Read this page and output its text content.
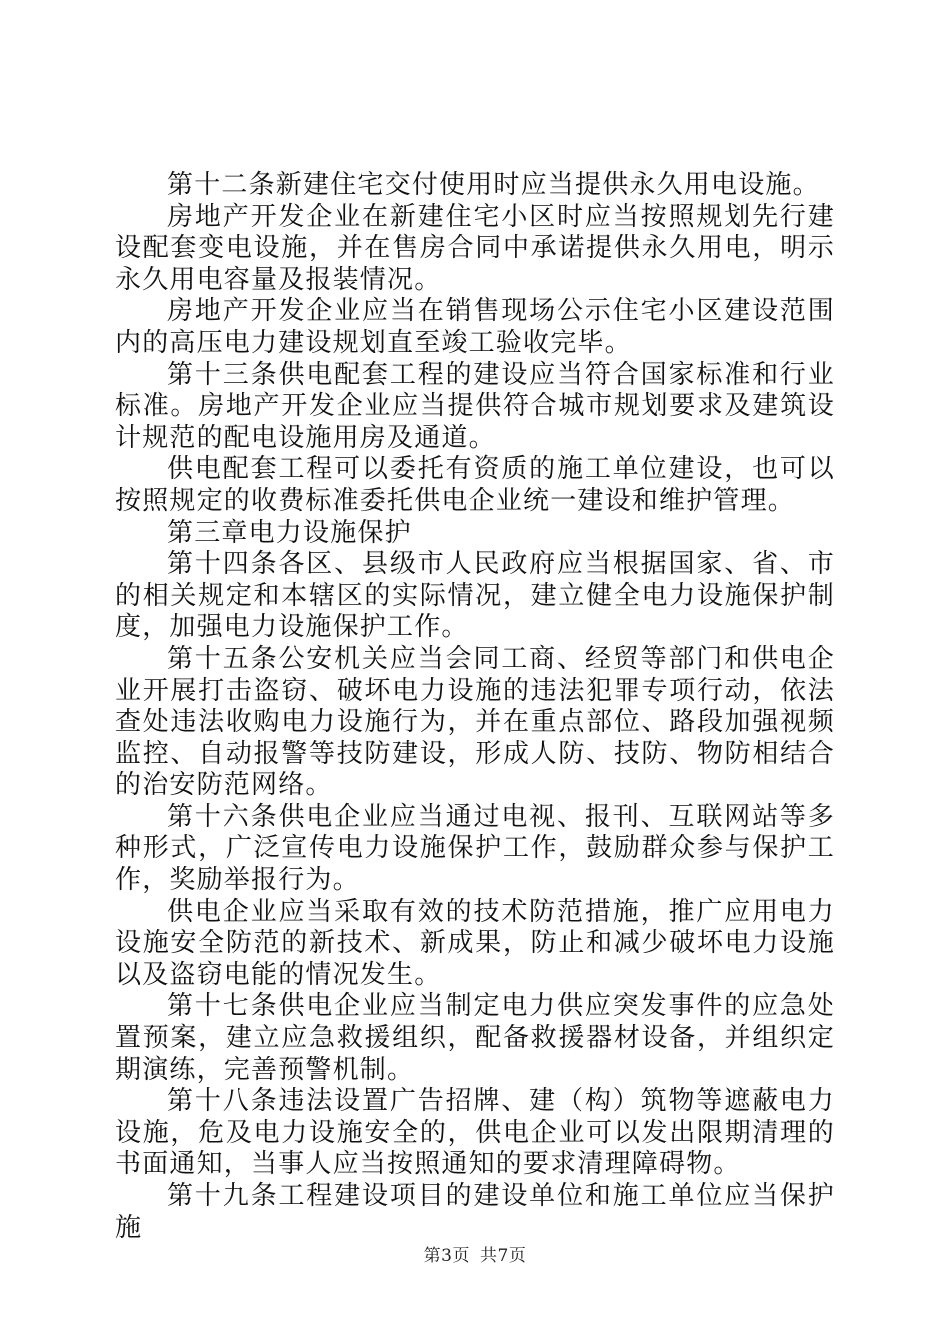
第十二条新建住宅交付使用时应当提供永久用电设施。

房地产开发企业在新建住宅小区时应当按照规划先行建设配套变电设施，并在售房合同中承诺提供永久用电，明示永久用电容量及报装情况。

房地产开发企业应当在销售现场公示住宅小区建设范围内的高压电力建设规划直至竣工验收完毕。

第十三条供电配套工程的建设应当符合国家标准和行业标准。房地产开发企业应当提供符合城市规划要求及建筑设计规范的配电设施用房及通道。

供电配套工程可以委托有资质的施工单位建设，也可以按照规定的收费标准委托供电企业统一建设和维护管理。

第三章电力设施保护

第十四条各区、县级市人民政府应当根据国家、省、市的相关规定和本辖区的实际情况，建立健全电力设施保护制度，加强电力设施保护工作。

第十五条公安机关应当会同工商、经贸等部门和供电企业开展打击盗窃、破坏电力设施的违法犯罪专项行动，依法查处违法收购电力设施行为，并在重点部位、路段加强视频监控、自动报警等技防建设，形成人防、技防、物防相结合的治安防范网络。

第十六条供电企业应当通过电视、报刊、互联网站等多种形式，广泛宣传电力设施保护工作，鼓励群众参与保护工作，奖励举报行为。

供电企业应当采取有效的技术防范措施，推广应用电力设施安全防范的新技术、新成果，防止和减少破坏电力设施以及盗窃电能的情况发生。

第十七条供电企业应当制定电力供应突发事件的应急处置预案，建立应急救援组织，配备救援器材设备，并组织定期演练，完善预警机制。

第十八条违法设置广告招牌、建（构）筑物等遮蔽电力设施，危及电力设施安全的，供电企业可以发出限期清理的书面通知，当事人应当按照通知的要求清理障碍物。

第十九条工程建设项目的建设单位和施工单位应当保护施

第3页 共7页
